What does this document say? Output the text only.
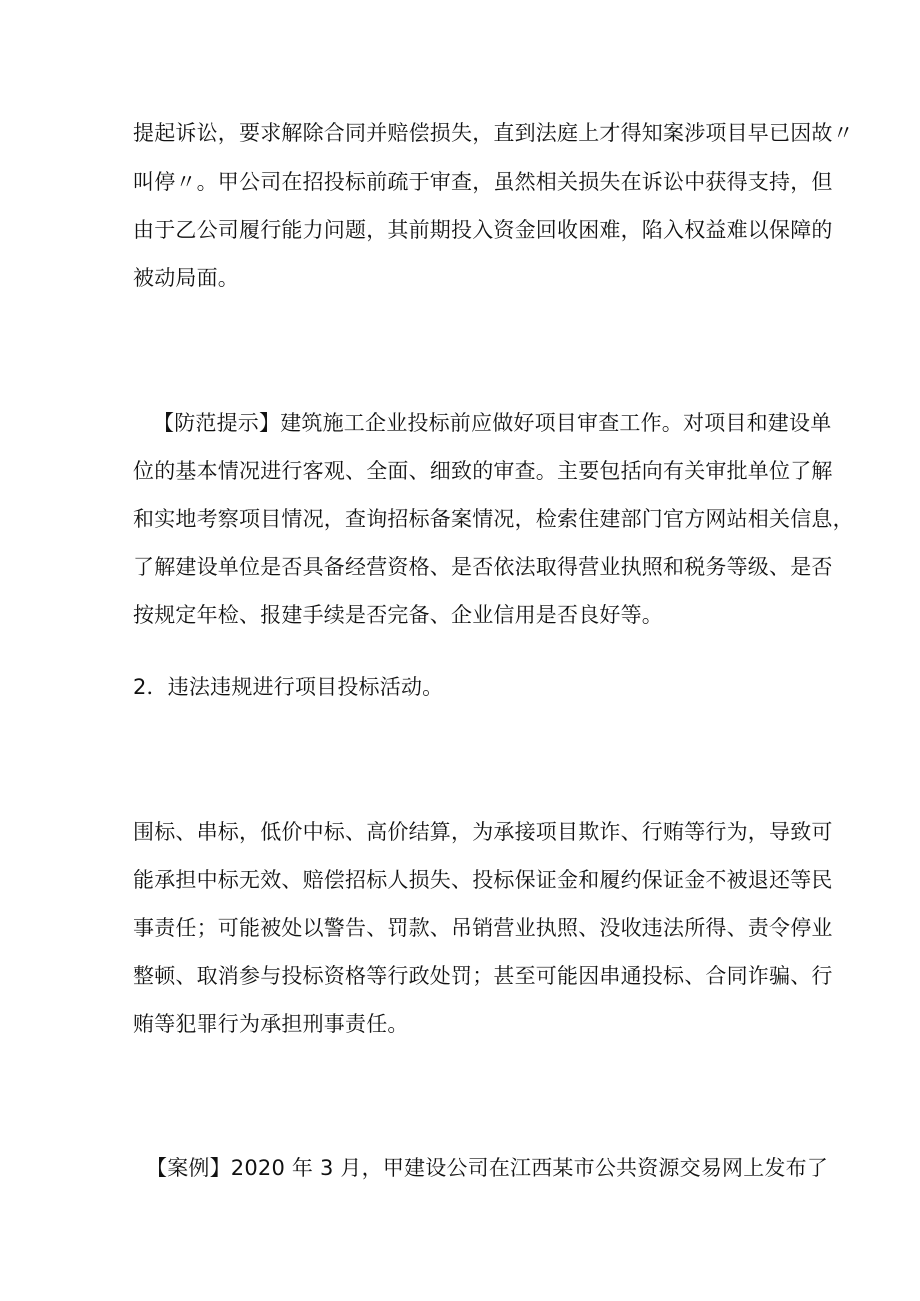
提起诉讼，要求解除合同并赔偿损失，直到法庭上才得知案涉项目早已因故〃
叫停〃。甲公司在招投标前疏于审查，虽然相关损失在诉讼中获得支持，但
由于乙公司履行能力问题，其前期投入资金回收困难，陷入权益难以保障的
被动局面。
【防范提示】建筑施工企业投标前应做好项目审查工作。对项目和建设单
位的基本情况进行客观、全面、细致的审查。主要包括向有关审批单位了解
和实地考察项目情况，查询招标备案情况，检索住建部门官方网站相关信息，
了解建设单位是否具备经营资格、是否依法取得营业执照和税务等级、是否
按规定年检、报建手续是否完备、企业信用是否良好等。
2．违法违规进行项目投标活动。
围标、串标，低价中标、高价结算，为承接项目欺诈、行贿等行为，导致可
能承担中标无效、赔偿招标人损失、投标保证金和履约保证金不被退还等民
事责任；可能被处以警告、罚款、吊销营业执照、没收违法所得、责令停业
整顿、取消参与投标资格等行政处罚；甚至可能因串通投标、合同诈骗、行
贿等犯罪行为承担刑事责任。
【案例】2020 年 3 月，甲建设公司在江西某市公共资源交易网上发布了
